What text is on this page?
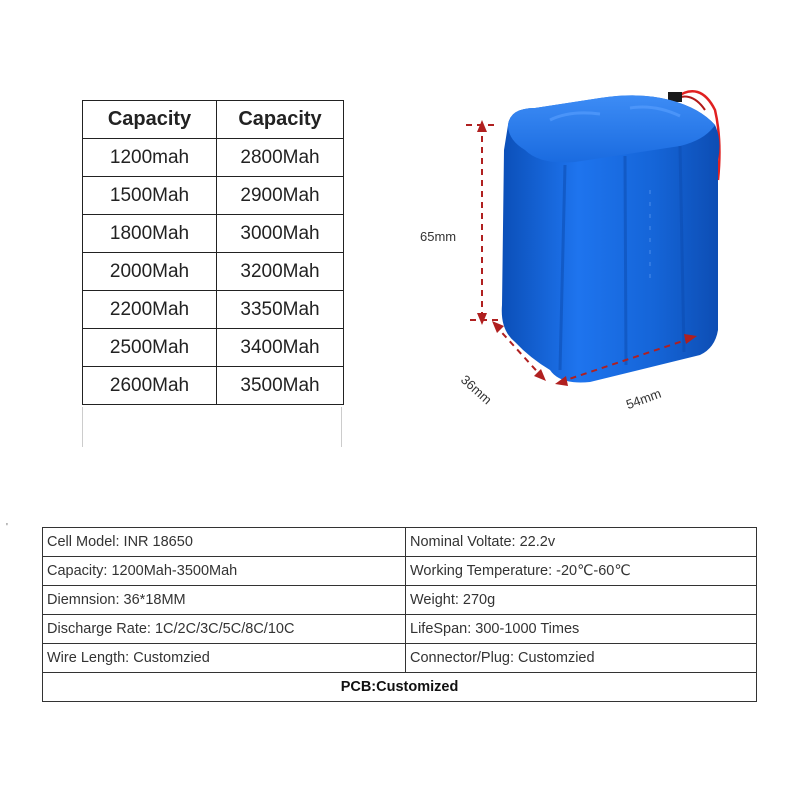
Capacity	Capacity
1200mah	2800Mah
1500Mah	2900Mah
1800Mah	3000Mah
2000Mah	3200Mah
2200Mah	3350Mah
2500Mah	3400Mah
2600Mah	3500Mah
65mm
36mm	54mm
'
Cell Model: INR 18650	Nominal Voltate: 22.2v
Capacity: 1200Mah-3500Mah	Working Temperature: -20℃-60℃
Diemnsion: 36*18MM	Weight: 270g
Discharge Rate: 1C/2C/3C/5C/8C/10C	LifeSpan: 300-1000 Times
Wire Length: Customzied	Connector/Plug: Customzied
PCB:Customized	
